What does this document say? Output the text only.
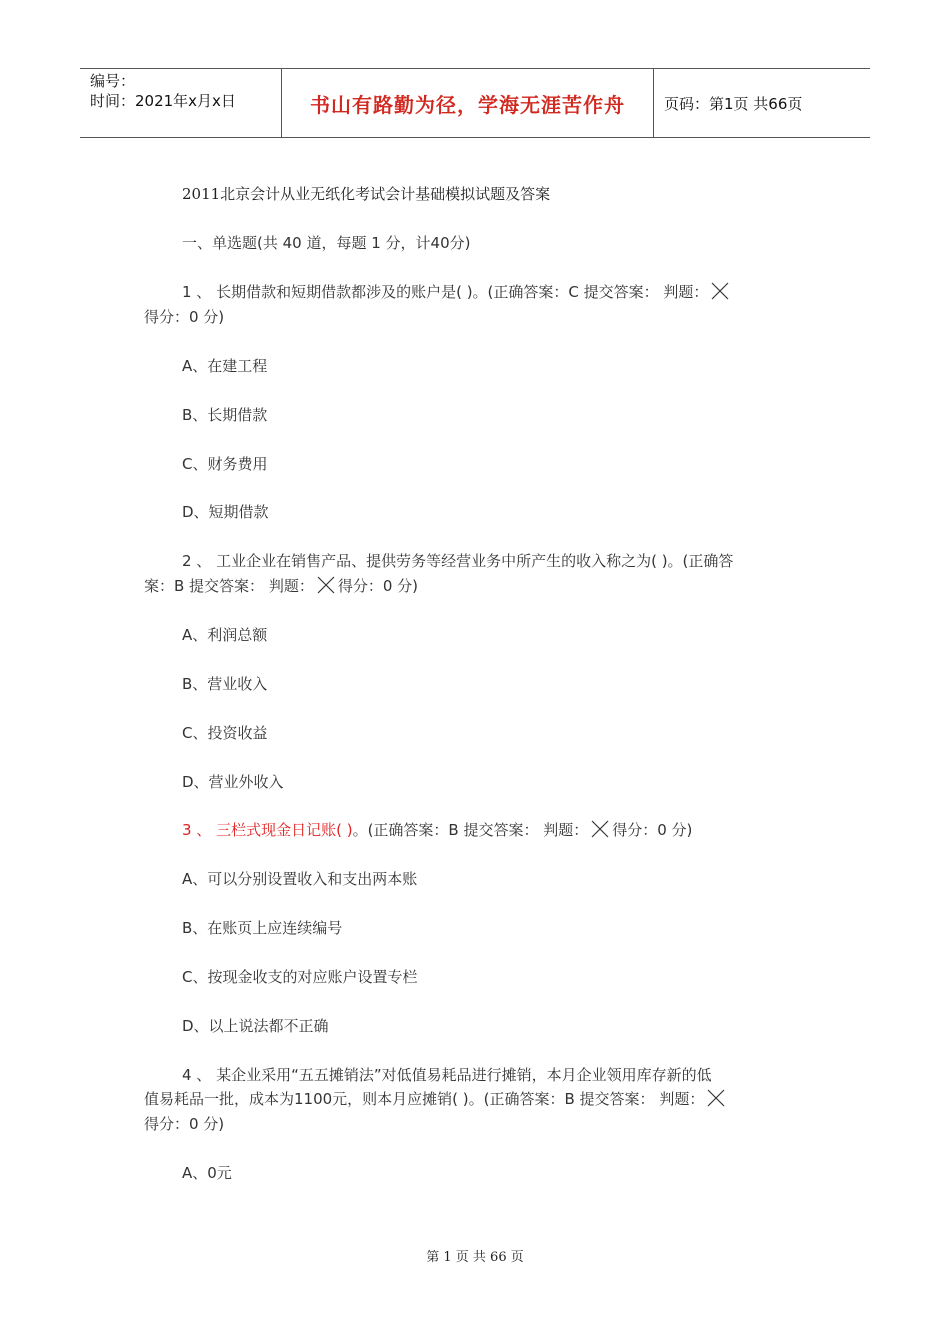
编号：
时间：2021年x月x日	书山有路勤为径，学海无涯苦作舟	页码：第1页 共66页
2011北京会计从业无纸化考试会计基础模拟试题及答案
一、单选题(共 40 道，每题 1 分，计40分)
1 、 长期借款和短期借款都涉及的账户是( )。(正确答案：C 提交答案： 判题：
得分：0 分)
A、在建工程
B、长期借款
C、财务费用
D、短期借款
2 、 工业企业在销售产品、提供劳务等经营业务中所产生的收入称之为( )。(正确答
案：B 提交答案： 判题： 得分：0 分)
A、利润总额
B、营业收入
C、投资收益
D、营业外收入
3 、 三栏式现金日记账( )。(正确答案：B 提交答案： 判题： 得分：0 分)
A、可以分别设置收入和支出两本账
B、在账页上应连续编号
C、按现金收支的对应账户设置专栏
D、以上说法都不正确
4 、 某企业采用“五五摊销法”对低值易耗品进行摊销，本月企业领用库存新的低
值易耗品一批，成本为1100元，则本月应摊销( )。(正确答案：B 提交答案： 判题：
得分：0 分)
A、0元
第 1 页 共 66 页
